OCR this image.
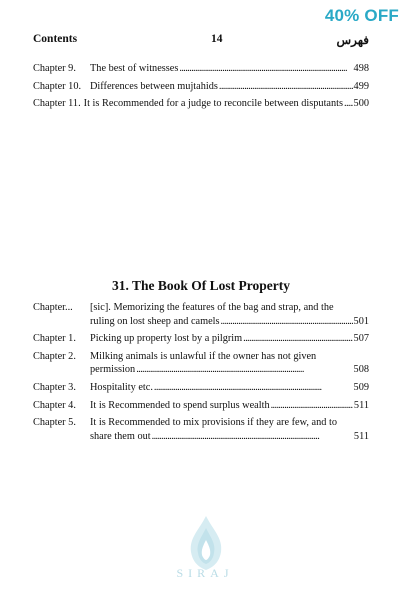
40% OFF
Contents	14	فهرس
Chapter 9.	The best of witnesses . . .	498
Chapter 10. Differences between mujtahids . . .	499
Chapter 11. It is Recommended for a judge to reconcile between disputants . . . 500
31. The Book Of Lost Property
Chapter...	[sic]. Memorizing the features of the bag and strap, and the
ruling on lost sheep and camels . . .	501
Chapter 1.	Picking up property lost by a pilgrim . . .	507
Chapter 2.	Milking animals is unlawful if the owner has not given
permission . . .	508
Chapter 3.	Hospitality etc. . . .	509
Chapter 4.	It is Recommended to spend surplus wealth . . .	511
Chapter 5.	It is Recommended to mix provisions if they are few, and to
share them out . . .	511
SIRAJ
